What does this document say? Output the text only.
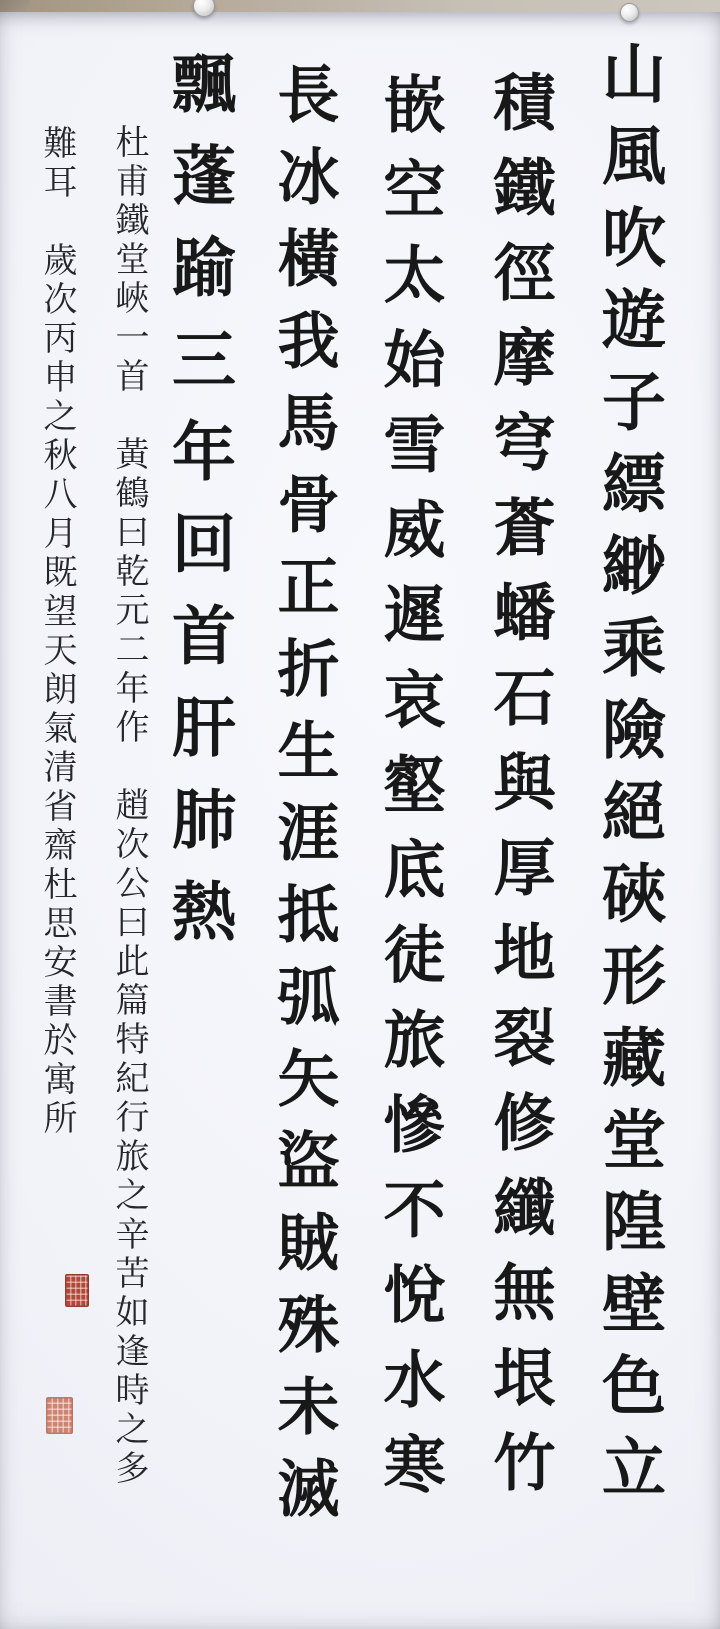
山風吹遊子縹緲乘險絕硤形藏堂隍壁色立
積鐵徑摩穹蒼蟠石與厚地裂修纖無垠竹
嵌空太始雪威遲哀壑底徒旅慘不悅水寒
長冰橫我馬骨正折生涯抵弧矢盜賊殊未滅
飄蓬踰三年回首肝肺熱
杜甫鐵堂峽一首　黃鶴曰乾元二年作　趙次公曰此篇特紀行旅之辛苦如逢時之多
難耳　歲次丙申之秋八月既望天朗氣清省齋杜思安書於寓所
